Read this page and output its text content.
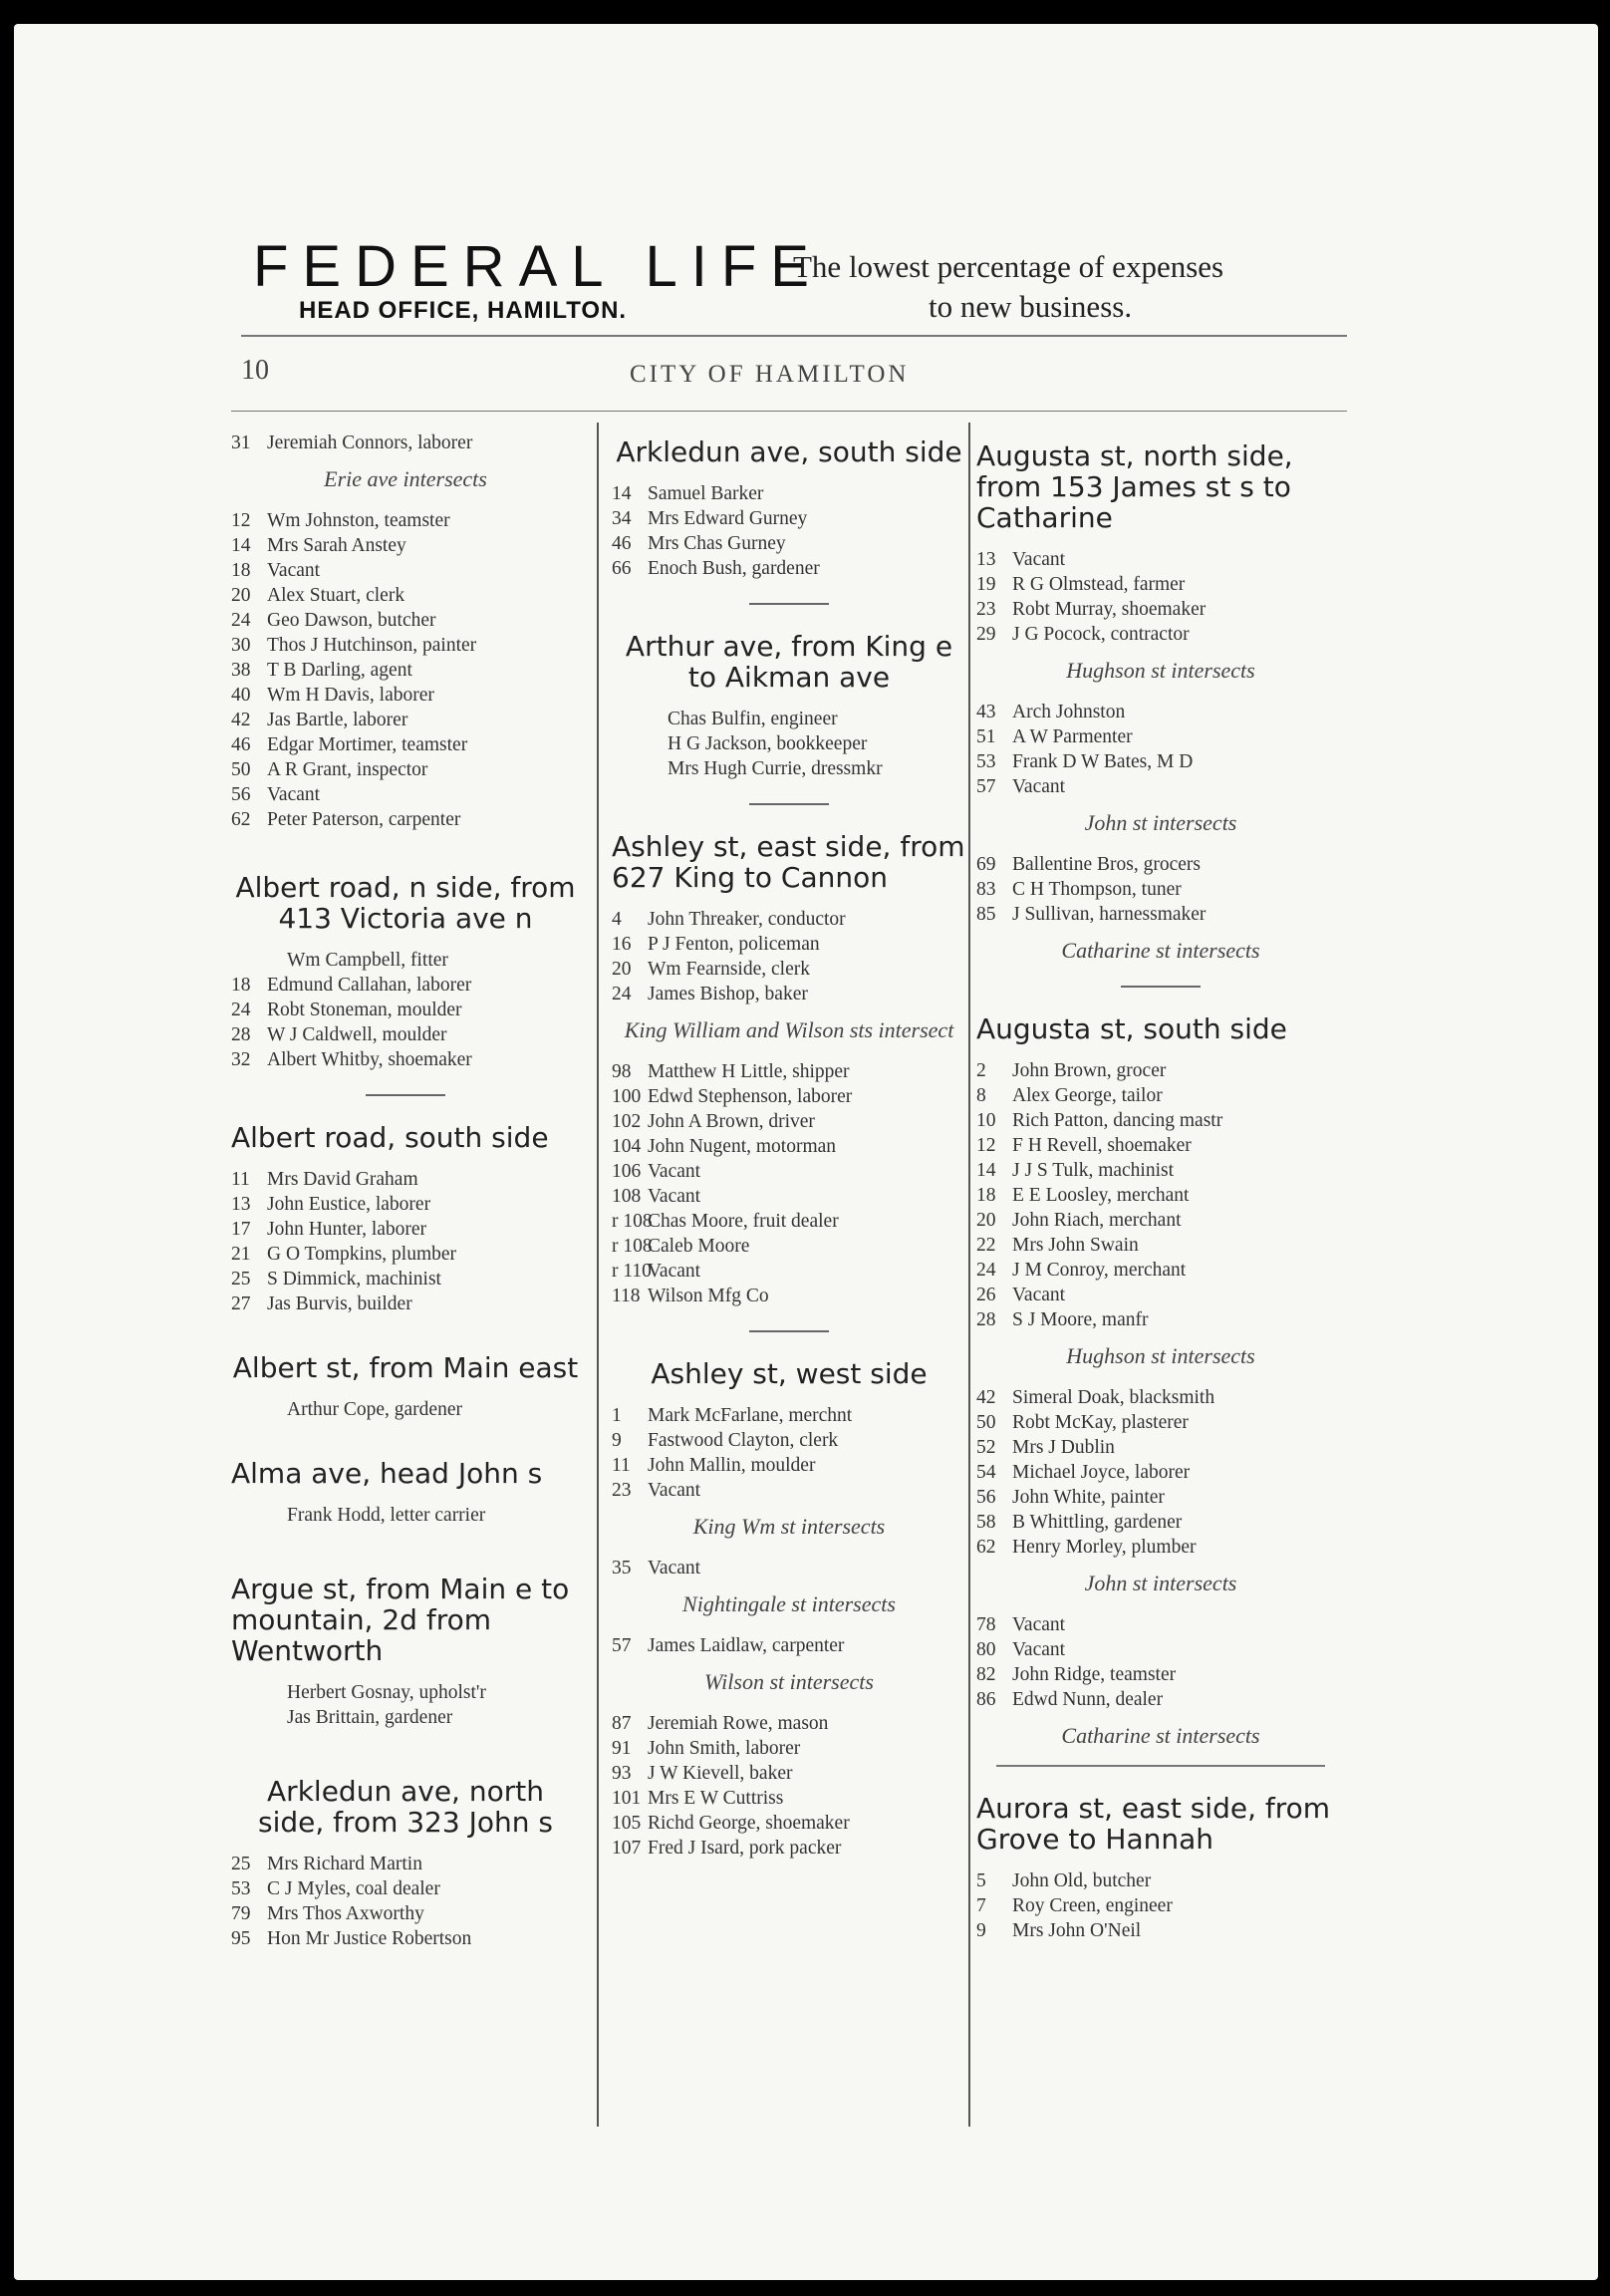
FEDERAL LIFE
HEAD OFFICE, HAMILTON.
The lowest percentage of expenses
to new business.
10	CITY OF HAMILTON
31 Jeremiah Connors, laborer
Erie ave intersects
12 Wm Johnston, teamster
14 Mrs Sarah Anstey
18 Vacant
20 Alex Stuart, clerk
24 Geo Dawson, butcher
30 Thos J Hutchinson, painter
38 T B Darling, agent
40 Wm H Davis, laborer
42 Jas Bartle, laborer
46 Edgar Mortimer, teamster
50 A R Grant, inspector
56 Vacant
62 Peter Paterson, carpenter
Albert road, n side, from 413 Victoria ave n
Wm Campbell, fitter
18 Edmund Callahan, laborer
24 Robt Stoneman, moulder
28 W J Caldwell, moulder
32 Albert Whitby, shoemaker
Albert road, south side
11 Mrs David Graham
13 John Eustice, laborer
17 John Hunter, laborer
21 G O Tompkins, plumber
25 S Dimmick, machinist
27 Jas Burvis, builder
Albert st, from Main east
Arthur Cope, gardener
Alma ave, head John s
Frank Hodd, letter carrier
Argue st, from Main e to mountain, 2d from Wentworth
Herbert Gosnay, upholst'r
Jas Brittain, gardener
Arkledun ave, north side, from 323 John s
25 Mrs Richard Martin
53 C J Myles, coal dealer
79 Mrs Thos Axworthy
95 Hon Mr Justice Robertson
Arkledun ave, south side
14 Samuel Barker
34 Mrs Edward Gurney
46 Mrs Chas Gurney
66 Enoch Bush, gardener
Arthur ave, from King e to Aikman ave
Chas Bulfin, engineer
H G Jackson, bookkeeper
Mrs Hugh Currie, dressmkr
Ashley st, east side, from 627 King to Cannon
4 John Threaker, conductor
16 P J Fenton, policeman
20 Wm Fearnside, clerk
24 James Bishop, baker
King William and Wilson sts intersect
98 Matthew H Little, shipper
100 Edwd Stephenson, laborer
102 John A Brown, driver
104 John Nugent, motorman
106 Vacant
108 Vacant
r 108Chas Moore, fruit dealer
r 108Caleb Moore
r 110Vacant
118 Wilson Mfg Co
Ashley st, west side
1 Mark McFarlane, merchnt
9 Fastwood Clayton, clerk
11 John Mallin, moulder
23 Vacant
King Wm st intersects
35 Vacant
Nightingale st intersects
57 James Laidlaw, carpenter
Wilson st intersects
87 Jeremiah Rowe, mason
91 John Smith, laborer
93 J W Kievell, baker
101 Mrs E W Cuttriss
105 Richd George, shoemaker
107 Fred J Isard, pork packer
Augusta st, north side, from 153 James st s to Catharine
13 Vacant
19 R G Olmstead, farmer
23 Robt Murray, shoemaker
29 J G Pocock, contractor
Hughson st intersects
43 Arch Johnston
51 A W Parmenter
53 Frank D W Bates, M D
57 Vacant
John st intersects
69 Ballentine Bros, grocers
83 C H Thompson, tuner
85 J Sullivan, harnessmaker
Catharine st intersects
Augusta st, south side
2 John Brown, grocer
8 Alex George, tailor
10 Rich Patton, dancing mastr
12 F H Revell, shoemaker
14 J J S Tulk, machinist
18 E E Loosley, merchant
20 John Riach, merchant
22 Mrs John Swain
24 J M Conroy, merchant
26 Vacant
28 S J Moore, manfr
Hughson st intersects
42 Simeral Doak, blacksmith
50 Robt McKay, plasterer
52 Mrs J Dublin
54 Michael Joyce, laborer
56 John White, painter
58 B Whittling, gardener
62 Henry Morley, plumber
John st intersects
78 Vacant
80 Vacant
82 John Ridge, teamster
86 Edwd Nunn, dealer
Catharine st intersects
Aurora st, east side, from Grove to Hannah
5 John Old, butcher
7 Roy Creen, engineer
9 Mrs John O'Neil
